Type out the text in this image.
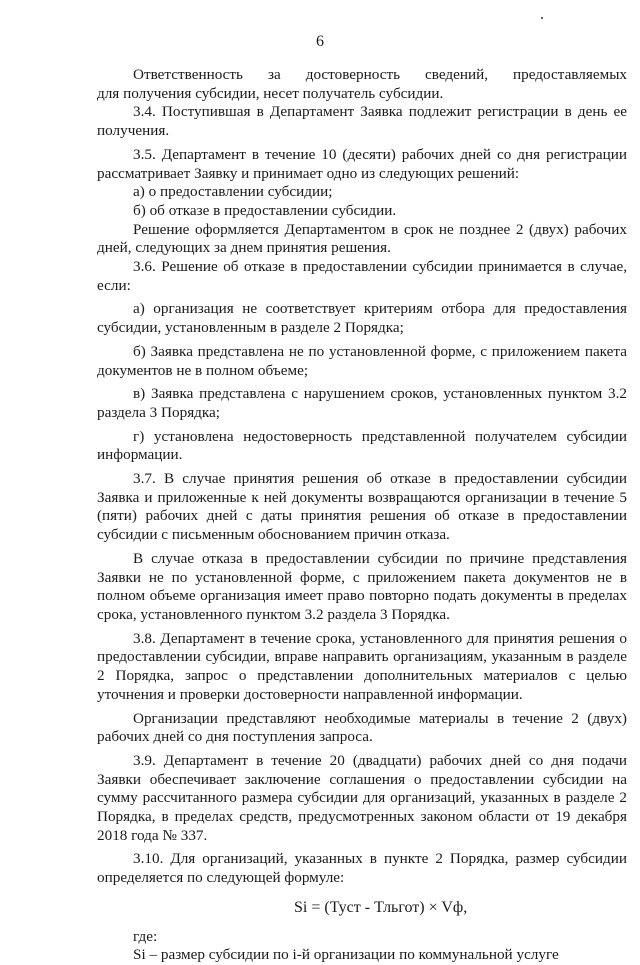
6

Ответственность за достоверность сведений, предоставляемых

для получения субсидии, несет получатель субсидии.

3.4. Поступившая в Департамент Заявка подлежит регистрации в день ее получения.

3.5. Департамент в течение 10 (десяти) рабочих дней со дня регистрации рассматривает Заявку и принимает одно из следующих решений:

а) о предоставлении субсидии;

б) об отказе в предоставлении субсидии.

Решение оформляется Департаментом в срок не позднее 2 (двух) рабочих дней, следующих за днем принятия решения.

3.6. Решение об отказе в предоставлении субсидии принимается в случае, если:

а) организация не соответствует критериям отбора для предоставления субсидии, установленным в разделе 2 Порядка;

б) Заявка представлена не по установленной форме, с приложением пакета документов не в полном объеме;

в) Заявка представлена с нарушением сроков, установленных пунктом 3.2 раздела 3 Порядка;

г) установлена недостоверность представленной получателем субсидии информации.

3.7. В случае принятия решения об отказе в предоставлении субсидии Заявка и приложенные к ней документы возвращаются организации в течение 5 (пяти) рабочих дней с даты принятия решения об отказе в предоставлении субсидии с письменным обоснованием причин отказа.

В случае отказа в предоставлении субсидии по причине представления Заявки не по установленной форме, с приложением пакета документов не в полном объеме организация имеет право повторно подать документы в пределах срока, установленного пунктом 3.2 раздела 3 Порядка.

3.8. Департамент в течение срока, установленного для принятия решения о предоставлении субсидии, вправе направить организациям, указанным в разделе 2 Порядка, запрос о представлении дополнительных материалов с целью уточнения и проверки достоверности направленной информации.

Организации представляют необходимые материалы в течение 2 (двух) рабочих дней со дня поступления запроса.

3.9. Департамент в течение 20 (двадцати) рабочих дней со дня подачи Заявки обеспечивает заключение соглашения о предоставлении субсидии на сумму рассчитанного размера субсидии для организаций, указанных в разделе 2 Порядка, в пределах средств, предусмотренных законом области от 19 декабря 2018 года № 337.

3.10. Для организаций, указанных в пункте 2 Порядка, размер субсидии определяется по следующей формуле:

Si = (Туст - Тльгот) × Vф,

где:

Si – размер субсидии по i-й организации по коммунальной услуге
